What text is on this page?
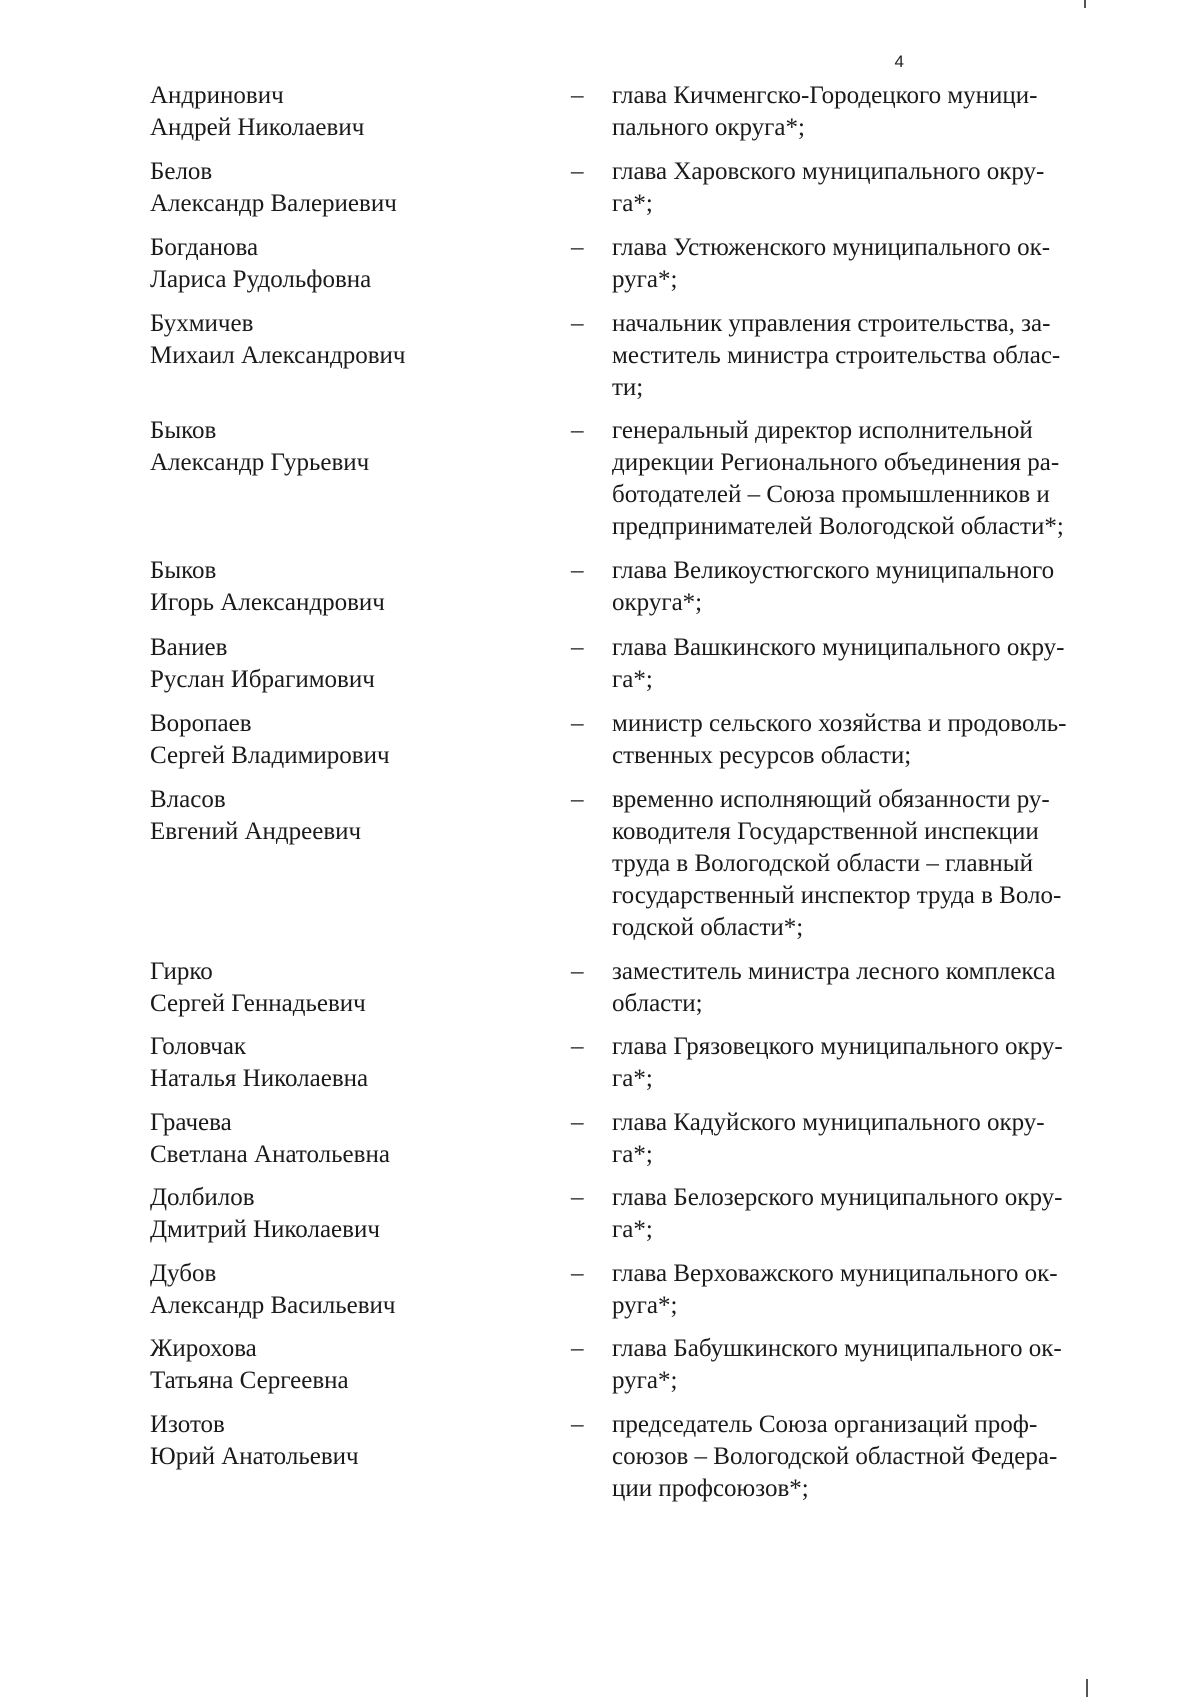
4
Андринович
Андрей Николаевич
– глава Кичменгско-Городецкого муници-
пального округа*;
Белов
Александр Валериевич
– глава Харовского муниципального окру-
га*;
Богданова
Лариса Рудольфовна
– глава Устюженского муниципального ок-
руга*;
Бухмичев
Михаил Александрович
– начальник управления строительства, за-
меститель министра строительства облас-
ти;
Быков
Александр Гурьевич
– генеральный директор исполнительной
дирекции Регионального объединения ра-
ботодателей – Союза промышленников и
предпринимателей Вологодской области*;
Быков
Игорь Александрович
– глава Великоустюгского муниципального
округа*;
Ваниев
Руслан Ибрагимович
– глава Вашкинского муниципального окру-
га*;
Воропаев
Сергей Владимирович
– министр сельского хозяйства и продоволь-
ственных ресурсов области;
Власов
Евгений Андреевич
– временно исполняющий обязанности ру-
ководителя Государственной инспекции
труда в Вологодской области – главный
государственный инспектор труда в Воло-
годской области*;
Гирко
Сергей Геннадьевич
– заместитель министра лесного комплекса
области;
Головчак
Наталья Николаевна
– глава Грязовецкого муниципального окру-
га*;
Грачева
Светлана Анатольевна
– глава Кадуйского муниципального окру-
га*;
Долбилов
Дмитрий Николаевич
– глава Белозерского муниципального окру-
га*;
Дубов
Александр Васильевич
– глава Верховажского муниципального ок-
руга*;
Жирохова
Татьяна Сергеевна
– глава Бабушкинского муниципального ок-
руга*;
Изотов
Юрий Анатольевич
– председатель Союза организаций проф-
союзов – Вологодской областной Федера-
ции профсоюзов*;
